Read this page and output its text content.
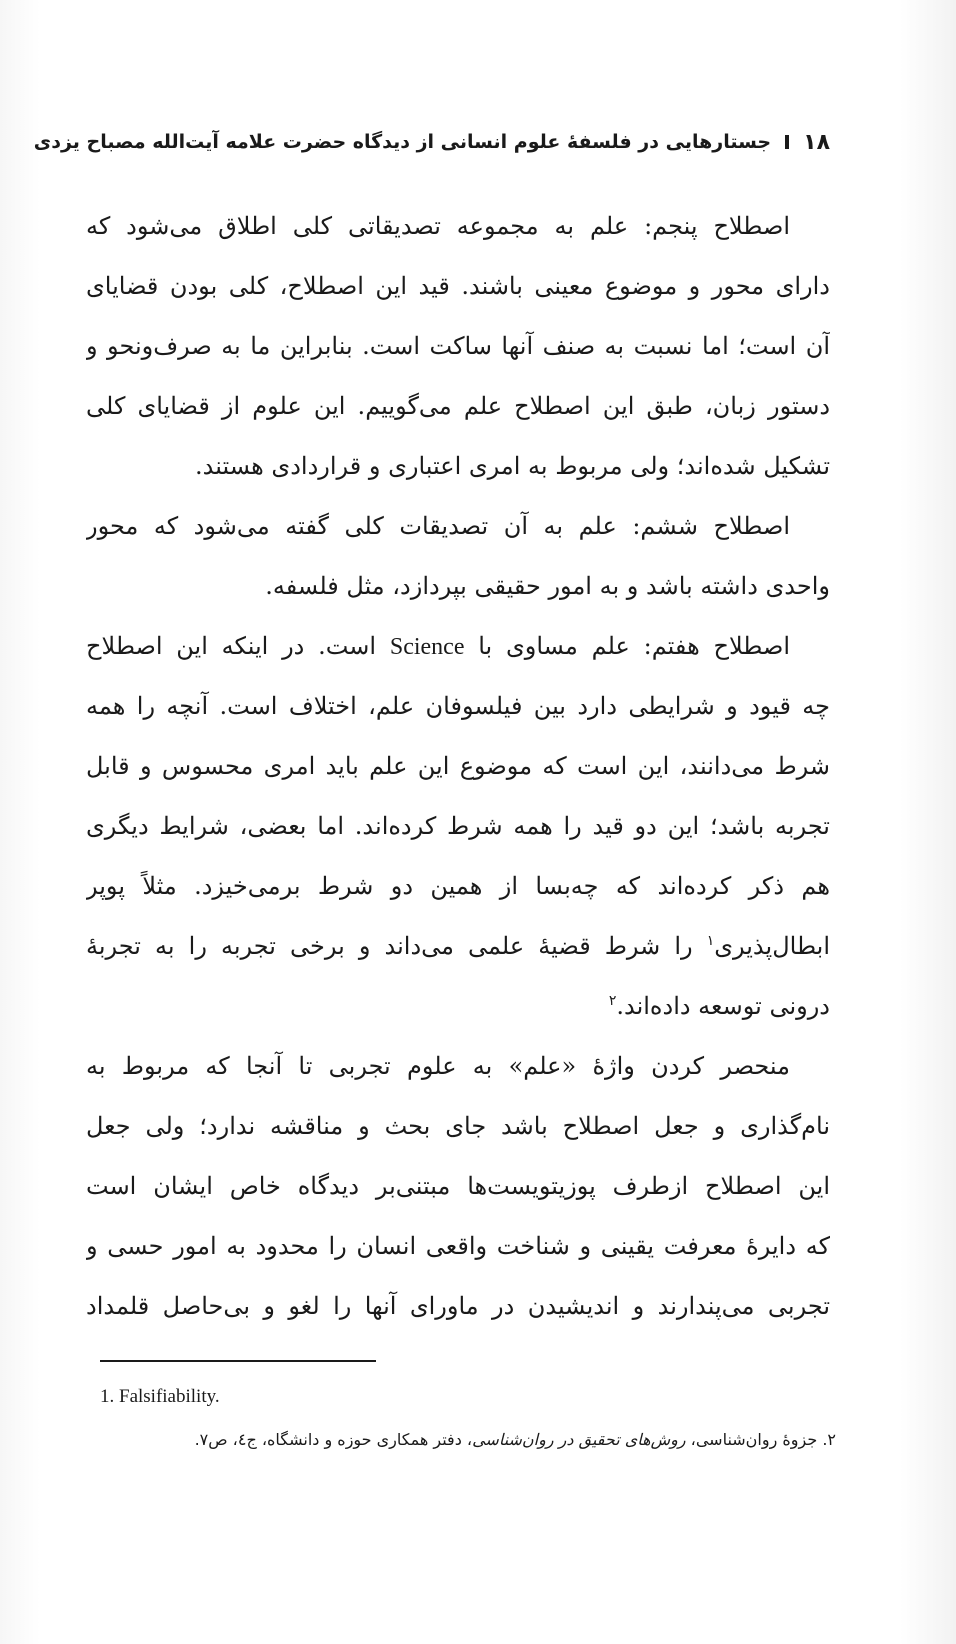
١٨
جستارهایی در فلسفۀ علوم انسانی از دیدگاه حضرت علامه آیت‌الله مصباح یزدی
اصطلاح پنجم: علم به مجموعه تصدیقاتی کلی اطلاق می‌شود که
دارای محور و موضوع معینی باشند. قید این اصطلاح، کلی بودن قضایای
آن است؛ اما نسبت به صنف آنها ساکت است. بنابراین ما به صرف‌ونحو و
دستور زبان، طبق این اصطلاح علم می‌گوییم. این علوم از قضایای کلی
تشکیل شده‌اند؛ ولی مربوط به امری اعتباری و قراردادی هستند.
اصطلاح ششم: علم به آن تصدیقات کلی گفته می‌شود که محور
واحدی داشته باشد و به امور حقیقی بپردازد، مثل فلسفه.
اصطلاح هفتم: علم مساوی با Science است. در اینکه این اصطلاح
چه قیود و شرایطی دارد بین فیلسوفان علم، اختلاف است. آنچه را همه
شرط می‌دانند، این است که موضوع این علم باید امری محسوس و قابل
تجربه باشد؛ این دو قید را همه شرط کرده‌اند. اما بعضی، شرایط دیگری
هم ذکر کرده‌اند که چه‌بسا از همین دو شرط برمی‌خیزد. مثلاً پوپر
ابطال‌پذیری$^١$ را شرط قضیۀ علمی می‌داند و برخی تجربه را به تجربۀ
درونی توسعه داده‌اند.$^٢$
منحصر کردن واژۀ «علم» به علوم تجربی تا آنجا که مربوط به
نام‌گذاری و جعل اصطلاح باشد جای بحث و مناقشه ندارد؛ ولی جعل
این اصطلاح ازطرف پوزیتویست‌ها مبتنی‌بر دیدگاه خاص ایشان است
که دایرۀ معرفت یقینی و شناخت واقعی انسان را محدود به امور حسی و
تجربی می‌پندارند و اندیشیدن در ماورای آنها را لغو و بی‌حاصل قلمداد
1. Falsifiability.
٢. جزوۀ روان‌شناسی، روش‌های تحقیق در روان‌شناسی، دفتر همکاری حوزه و دانشگاه، ج٤، ص٧.
